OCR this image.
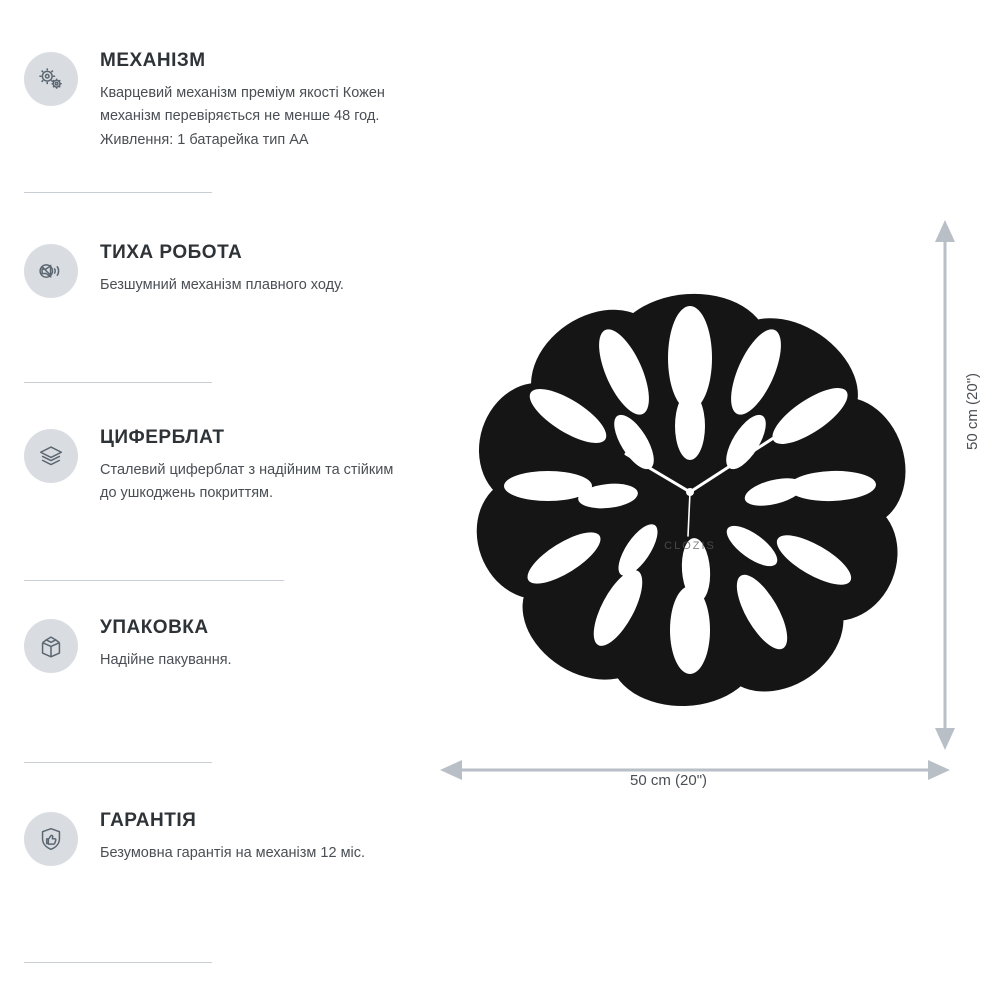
МЕХАНІЗМ
Кварцевий механізм преміум якості Кожен механізм перевіряється не менше 48 год. Живлення: 1 батарейка тип AA
ТИХА РОБОТА
Безшумний механізм плавного ходу.
ЦИФЕРБЛАТ
Сталевий циферблат з надійним та стійким до ушкоджень покриттям.
УПАКОВКА
Надійне пакування.
ГАРАНТІЯ
Безумовна гарантія на механізм 12 міс.
CLOZIS
50 cm (20")
50 cm (20")
